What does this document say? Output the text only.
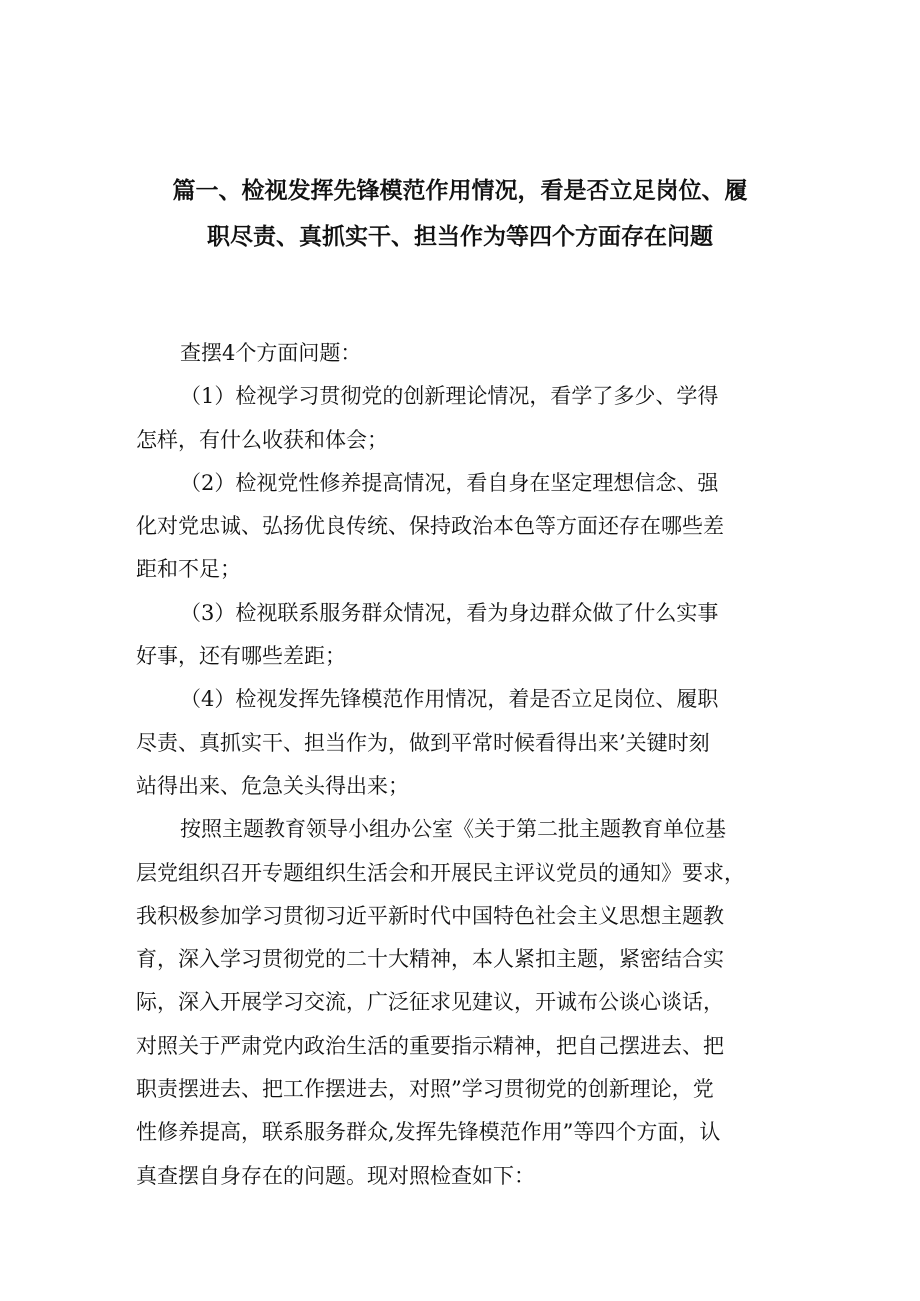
篇一、检视发挥先锋模范作用情况，看是否立足岗位、履
职尽责、真抓实干、担当作为等四个方面存在问题
查摆4个方面问题：
（1）检视学习贯彻党的创新理论情况，看学了多少、学得
怎样，有什么收获和体会；
（2）检视党性修养提高情况，看自身在坚定理想信念、强
化对党忠诚、弘扬优良传统、保持政治本色等方面还存在哪些差
距和不足；
（3）检视联系服务群众情况，看为身边群众做了什么实事
好事，还有哪些差距；
（4）检视发挥先锋模范作用情况，着是否立足岗位、履职
尽责、真抓实干、担当作为，做到平常时候看得出来’关键时刻
站得出来、危急关头得出来；
按照主题教育领导小组办公室《关于第二批主题教育单位基
层党组织召开专题组织生活会和开展民主评议党员的通知》要求，
我积极参加学习贯彻习近平新时代中国特色社会主义思想主题教
育，深入学习贯彻党的二十大精神，本人紧扣主题，紧密结合实
际，深入开展学习交流，广泛征求见建议，开诚布公谈心谈话，
对照关于严肃党内政治生活的重要指示精神，把自己摆进去、把
职责摆进去、把工作摆进去，对照”学习贯彻党的创新理论，党
性修养提高，联系服务群众,发挥先锋模范作用”等四个方面，认
真查摆自身存在的问题。现对照检查如下：
